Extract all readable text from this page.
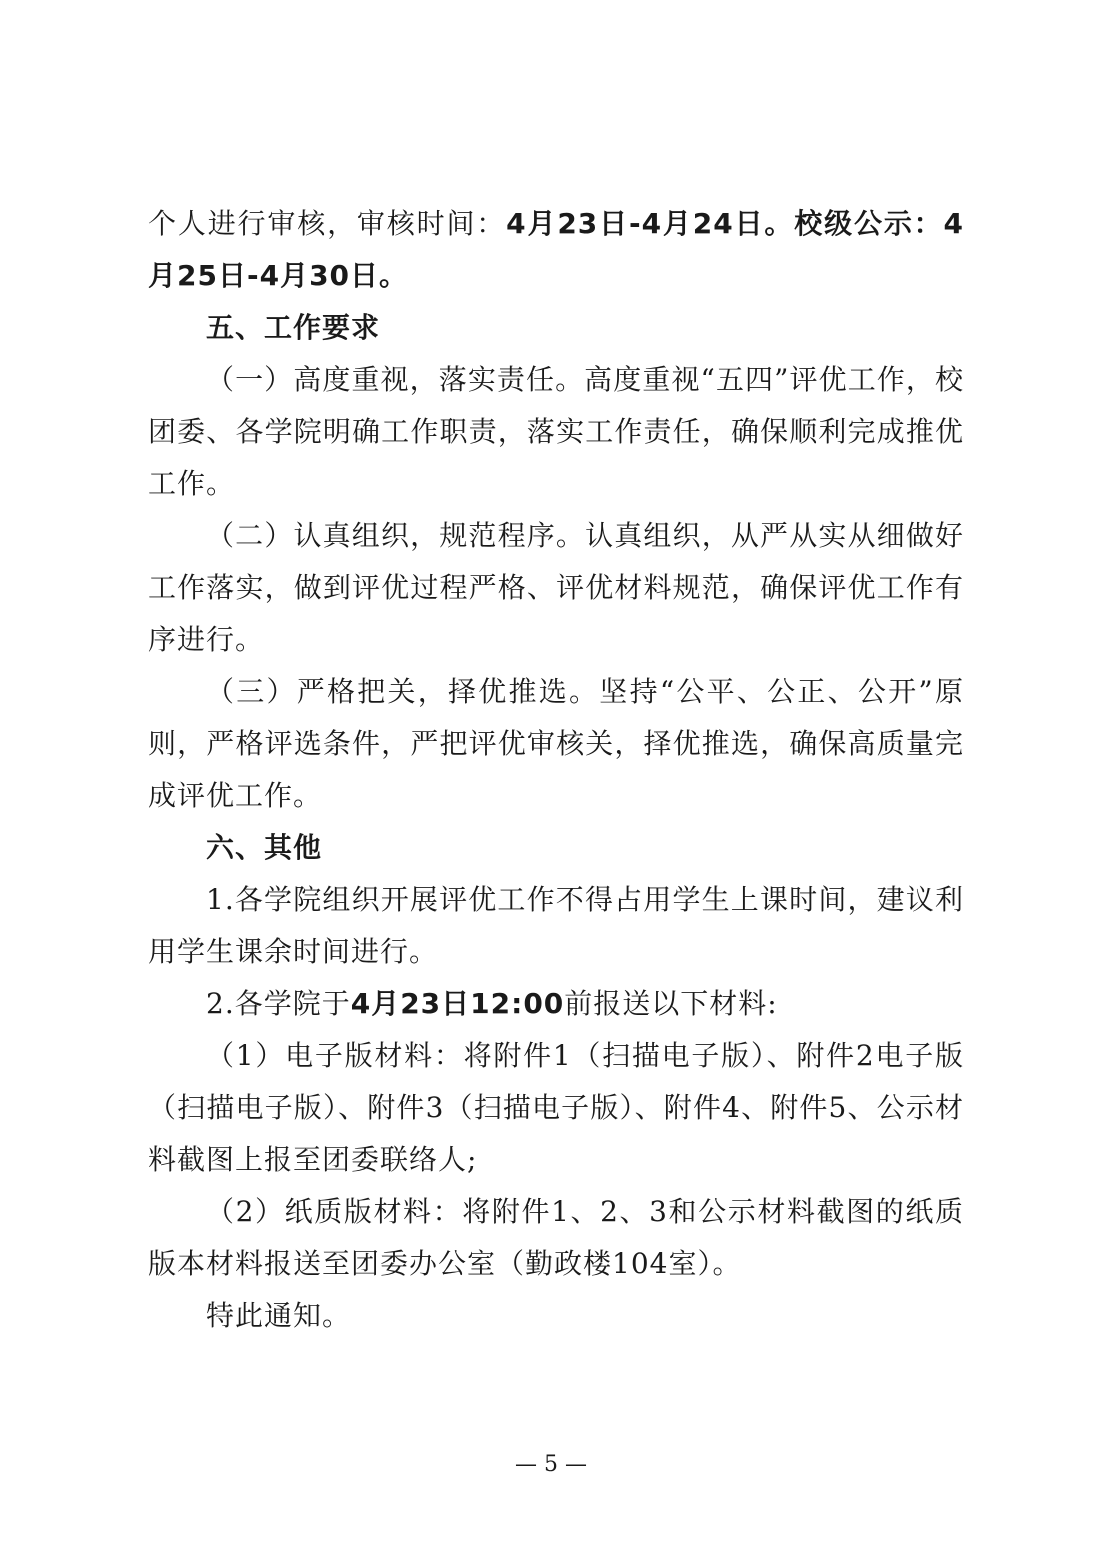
个人进行审核，审核时间：4月23日-4月24日。校级公示：4月25日-4月30日。

五、工作要求

（一）高度重视，落实责任。高度重视“五四”评优工作，校团委、各学院明确工作职责，落实工作责任，确保顺利完成推优工作。

（二）认真组织，规范程序。认真组织，从严从实从细做好工作落实，做到评优过程严格、评优材料规范，确保评优工作有序进行。

（三）严格把关，择优推选。坚持“公平、公正、公开”原则，严格评选条件，严把评优审核关，择优推选，确保高质量完成评优工作。

六、其他

1.各学院组织开展评优工作不得占用学生上课时间，建议利用学生课余时间进行。

2.各学院于4月23日12:00前报送以下材料:

（1）电子版材料：将附件1（扫描电子版）、附件2电子版（扫描电子版）、附件3（扫描电子版）、附件4、附件5、公示材料截图上报至团委联络人;

（2）纸质版材料：将附件1、2、3和公示材料截图的纸质版本材料报送至团委办公室（勤政楼104室）。

特此通知。

— 5 —
